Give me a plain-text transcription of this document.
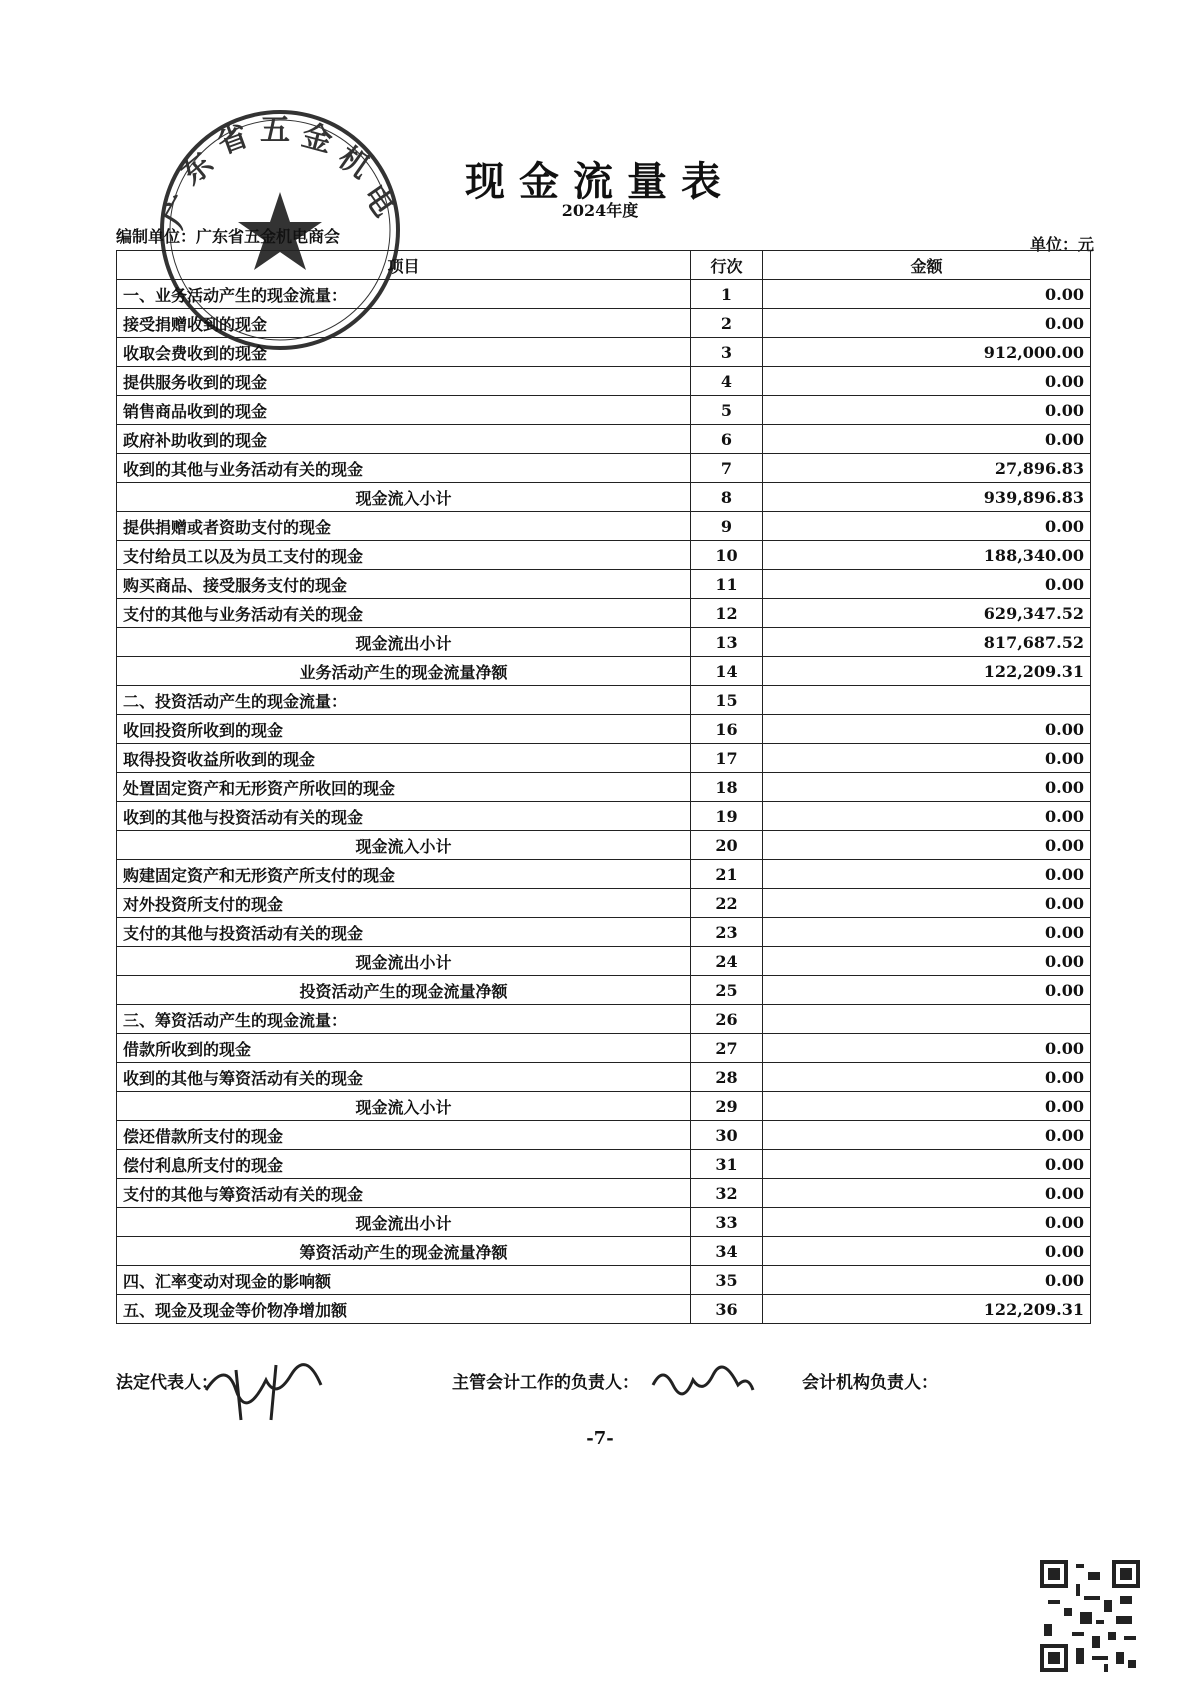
广
东
省 五 金
机
电	现金流量表
2024年度
编制单位：广东省五金机电商会	单位：元
项目	行次	金额
一、业务活动产生的现金流量：	1	0.00
接受捐赠收到的现金	2	0.00
收取会费收到的现金	3	912,000.00
提供服务收到的现金	4	0.00
销售商品收到的现金	5	0.00
政府补助收到的现金	6	0.00
收到的其他与业务活动有关的现金	7	27,896.83
现金流入小计	8	939,896.83
提供捐赠或者资助支付的现金	9	0.00
支付给员工以及为员工支付的现金	10	188,340.00
购买商品、接受服务支付的现金	11	0.00
支付的其他与业务活动有关的现金	12	629,347.52
现金流出小计	13	817,687.52
业务活动产生的现金流量净额	14	122,209.31
二、投资活动产生的现金流量：	15	
收回投资所收到的现金	16	0.00
取得投资收益所收到的现金	17	0.00
处置固定资产和无形资产所收回的现金	18	0.00
收到的其他与投资活动有关的现金	19	0.00
现金流入小计	20	0.00
购建固定资产和无形资产所支付的现金	21	0.00
对外投资所支付的现金	22	0.00
支付的其他与投资活动有关的现金	23	0.00
现金流出小计	24	0.00
投资活动产生的现金流量净额	25	0.00
三、筹资活动产生的现金流量：	26	
借款所收到的现金	27	0.00
收到的其他与筹资活动有关的现金	28	0.00
现金流入小计	29	0.00
偿还借款所支付的现金	30	0.00
偿付利息所支付的现金	31	0.00
支付的其他与筹资活动有关的现金	32	0.00
现金流出小计	33	0.00
筹资活动产生的现金流量净额	34	0.00
四、汇率变动对现金的影响额	35	0.00
五、现金及现金等价物净增加额	36	122,209.31
法定代表人：	主管会计工作的负责人：	会计机构负责人：
-7-
